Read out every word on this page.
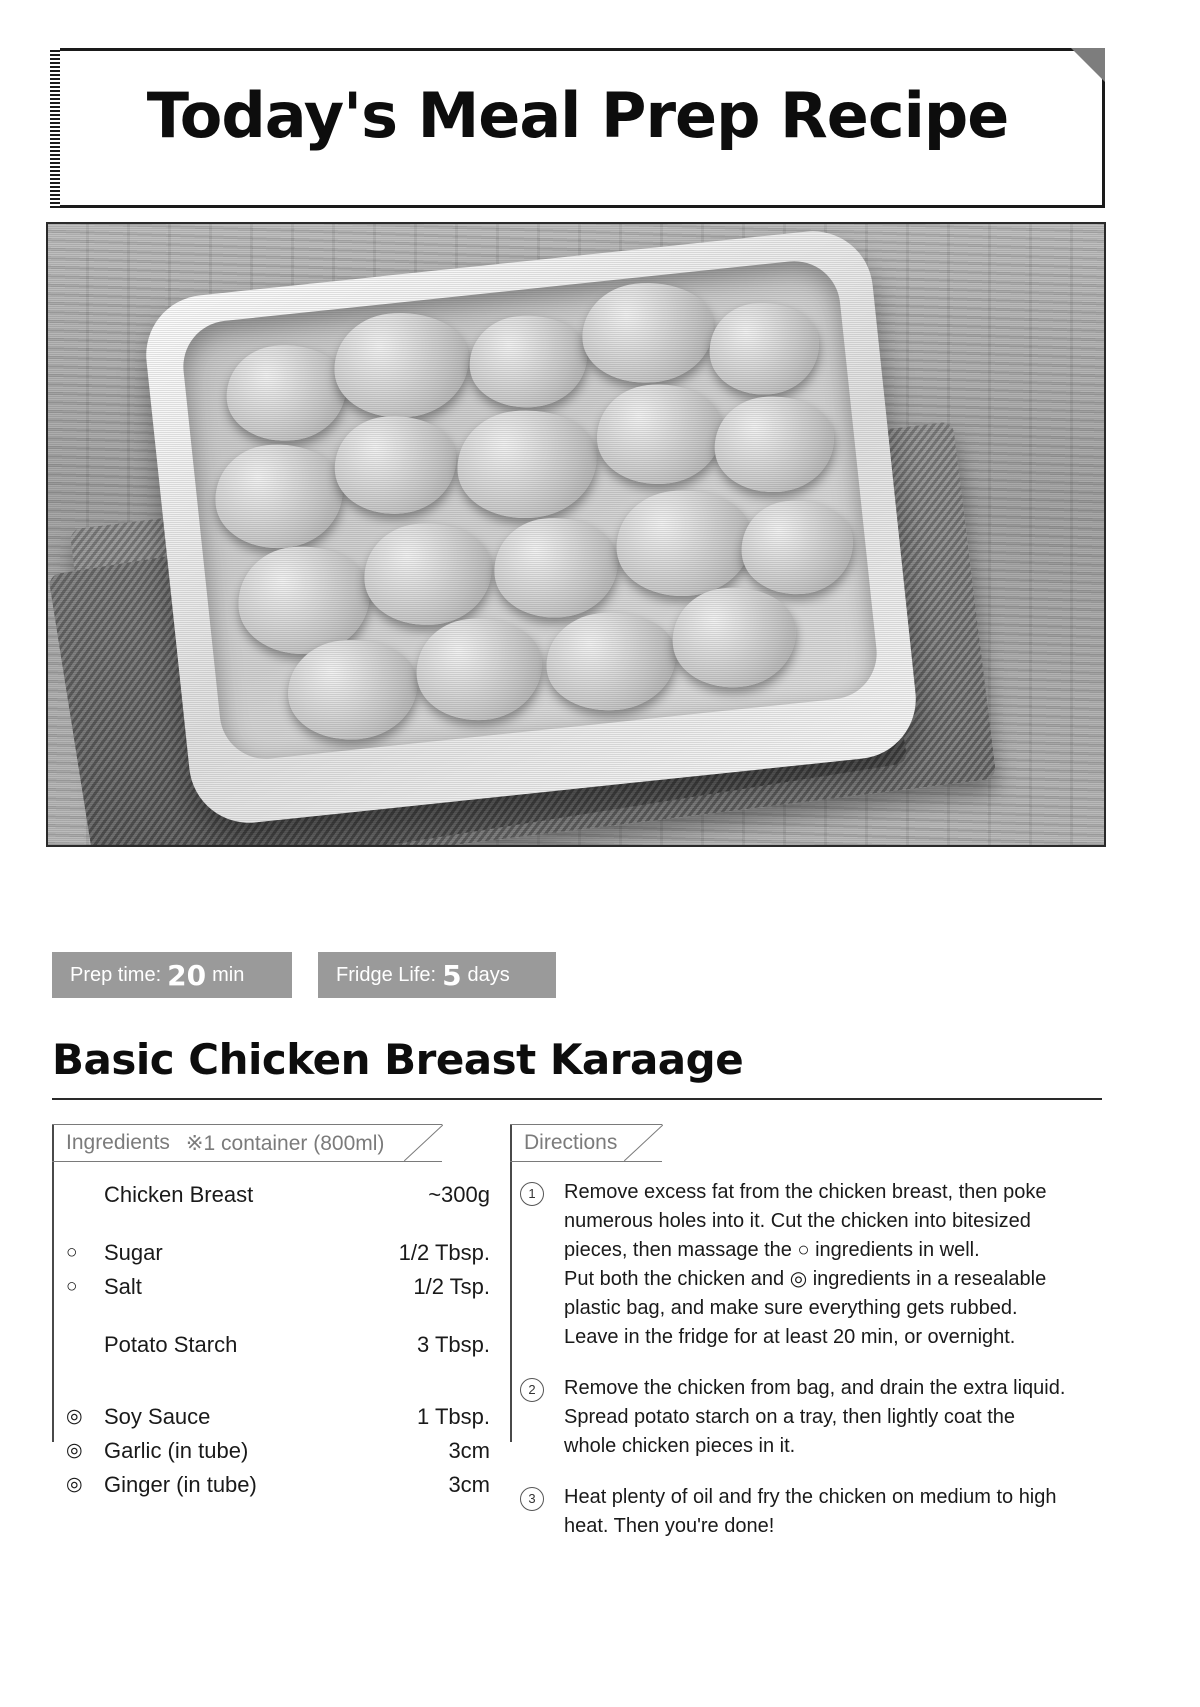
Today's Meal Prep Recipe
Prep time: 20 min	Fridge Life: 5 days
Basic Chicken Breast Karaage
Ingredients ※1 container (800ml)
Chicken Breast	~300g
○	Sugar	1/2 Tbsp.
○	Salt	1/2 Tsp.
Potato Starch	3 Tbsp.
◎ Soy Sauce	1 Tbsp.
◎ Garlic (in tube)	3cm
◎ Ginger (in tube)	3cm
Directions
1	Remove excess fat from the chicken breast, then poke
numerous holes into it. Cut the chicken into bitesized
pieces, then massage the ○ ingredients in well.
Put both the chicken and ◎ ingredients in a resealable
plastic bag, and make sure everything gets rubbed.
Leave in the fridge for at least 20 min, or overnight.
2	Remove the chicken from bag, and drain the extra liquid.
Spread potato starch on a tray, then lightly coat the
whole chicken pieces in it.
3	Heat plenty of oil and fry the chicken on medium to high
heat. Then you're done!
